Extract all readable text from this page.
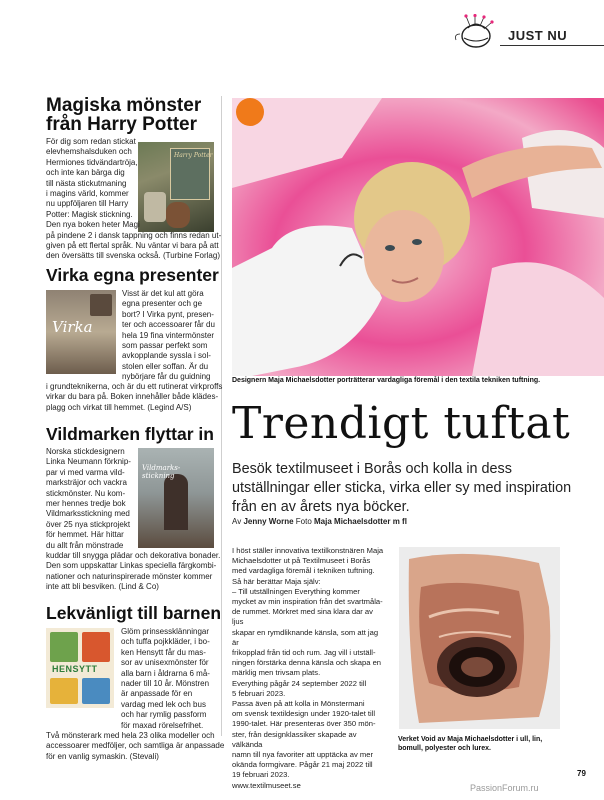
JUST NU
Magiska mönster
från Harry Potter
Harry Potter
För dig som redan stickat
elevhemshalsduken och
Hermiones tidvändartröja,
och inte kan bärga dig
till nästa stickutmaning
i magins värld, kommer
nu uppföljaren till Harry
Potter: Magisk stickning.
Den nya boken heter Magi
på pindene 2 i dansk tappning och finns redan ut-
given på ett flertal språk. Nu väntar vi bara på att
den översätts till svenska också. (Turbine Forlag)
Virka egna presenter
Virka
Visst är det kul att göra
egna presenter och ge
bort? I Virka pynt, presen-
ter och accessoarer får du
hela 19 fina vintermönster
som passar perfekt som
avkopplande syssla i sol-
stolen eller soffan. Är du
nybörjare får du guidning
i grundteknikerna, och är du ett rutinerat virkproffs
virkar du bara på. Boken innehåller både klädes-
plagg och virkat till hemmet. (Legind A/S)
Vildmarken flyttar in
Vildmarks-stickning
Norska stickdesignern
Linka Neumann förknip-
par vi med varma vild-
marksträjor och vackra
stickmönster. Nu kom-
mer hennes tredje bok
Vildmarksstickning med
över 25 nya stickprojekt
för hemmet. Här hittar
du allt från mönstrade
kuddar till snygga plädar och dekorativa bonader.
Den som uppskattar Linkas speciella färgkombi-
nationer och naturinspirerade mönster kommer
inte att bli besviken. (Lind & Co)
Lekvänligt till barnen
HENSYTT
Glöm prinsessklänningar
och tuffa pojkkläder, i bo-
ken Hensytt får du mas-
sor av unisexmönster för
alla barn i åldrarna 6 må-
nader till 10 år. Mönstren
är anpassade för en
vardag med lek och bus
och har rymlig passform
för maxad rörelsefrihet.
Två mönsterark med hela 23 olika modeller och
accessoarer medföljer, och samtliga är anpassade
för en vanlig symaskin. (Stevali)
Designern Maja Michaelsdotter porträtterar vardagliga föremål i den textila tekniken tuftning.
Trendigt tuftat
Besök textilmuseet i Borås och kolla in dess
utställningar eller sticka, virka eller sy med inspiration
från en av årets nya böcker.
Av Jenny Worne Foto Maja Michaelsdotter m fl
I höst ställer innovativa textilkonstnären Maja
Michaelsdotter ut på Textilmuseet i Borås
med vardagliga föremål i tekniken tuftning.
Så här berättar Maja själv:
– Till utställningen Everything kommer
mycket av min inspiration från det svartmåla-
de rummet. Mörkret med sina klara dar av ljus
skapar en rymdliknande känsla, som att jag är
frikopplad från tid och rum. Jag vill i utställ-
ningen förstärka denna känsla och skapa en
märklig men trivsam plats.
Everything pågår 24 september 2022 till
5 februari 2023.
Passa även på att kolla in Mönstermani
om svensk textildesign under 1920-talet till
1990-talet. Här presenteras över 350 mön-
ster, från designklassiker skapade av välkända
namn till nya favoriter att upptäcka av mer
okända formgivare. Pågår 21 maj 2022 till
19 februari 2023.
www.textilmuseet.se
Verket Void av Maja Michaelsdotter i ull, lin,
bomull, polyester och lurex.
79
PassionForum.ru
